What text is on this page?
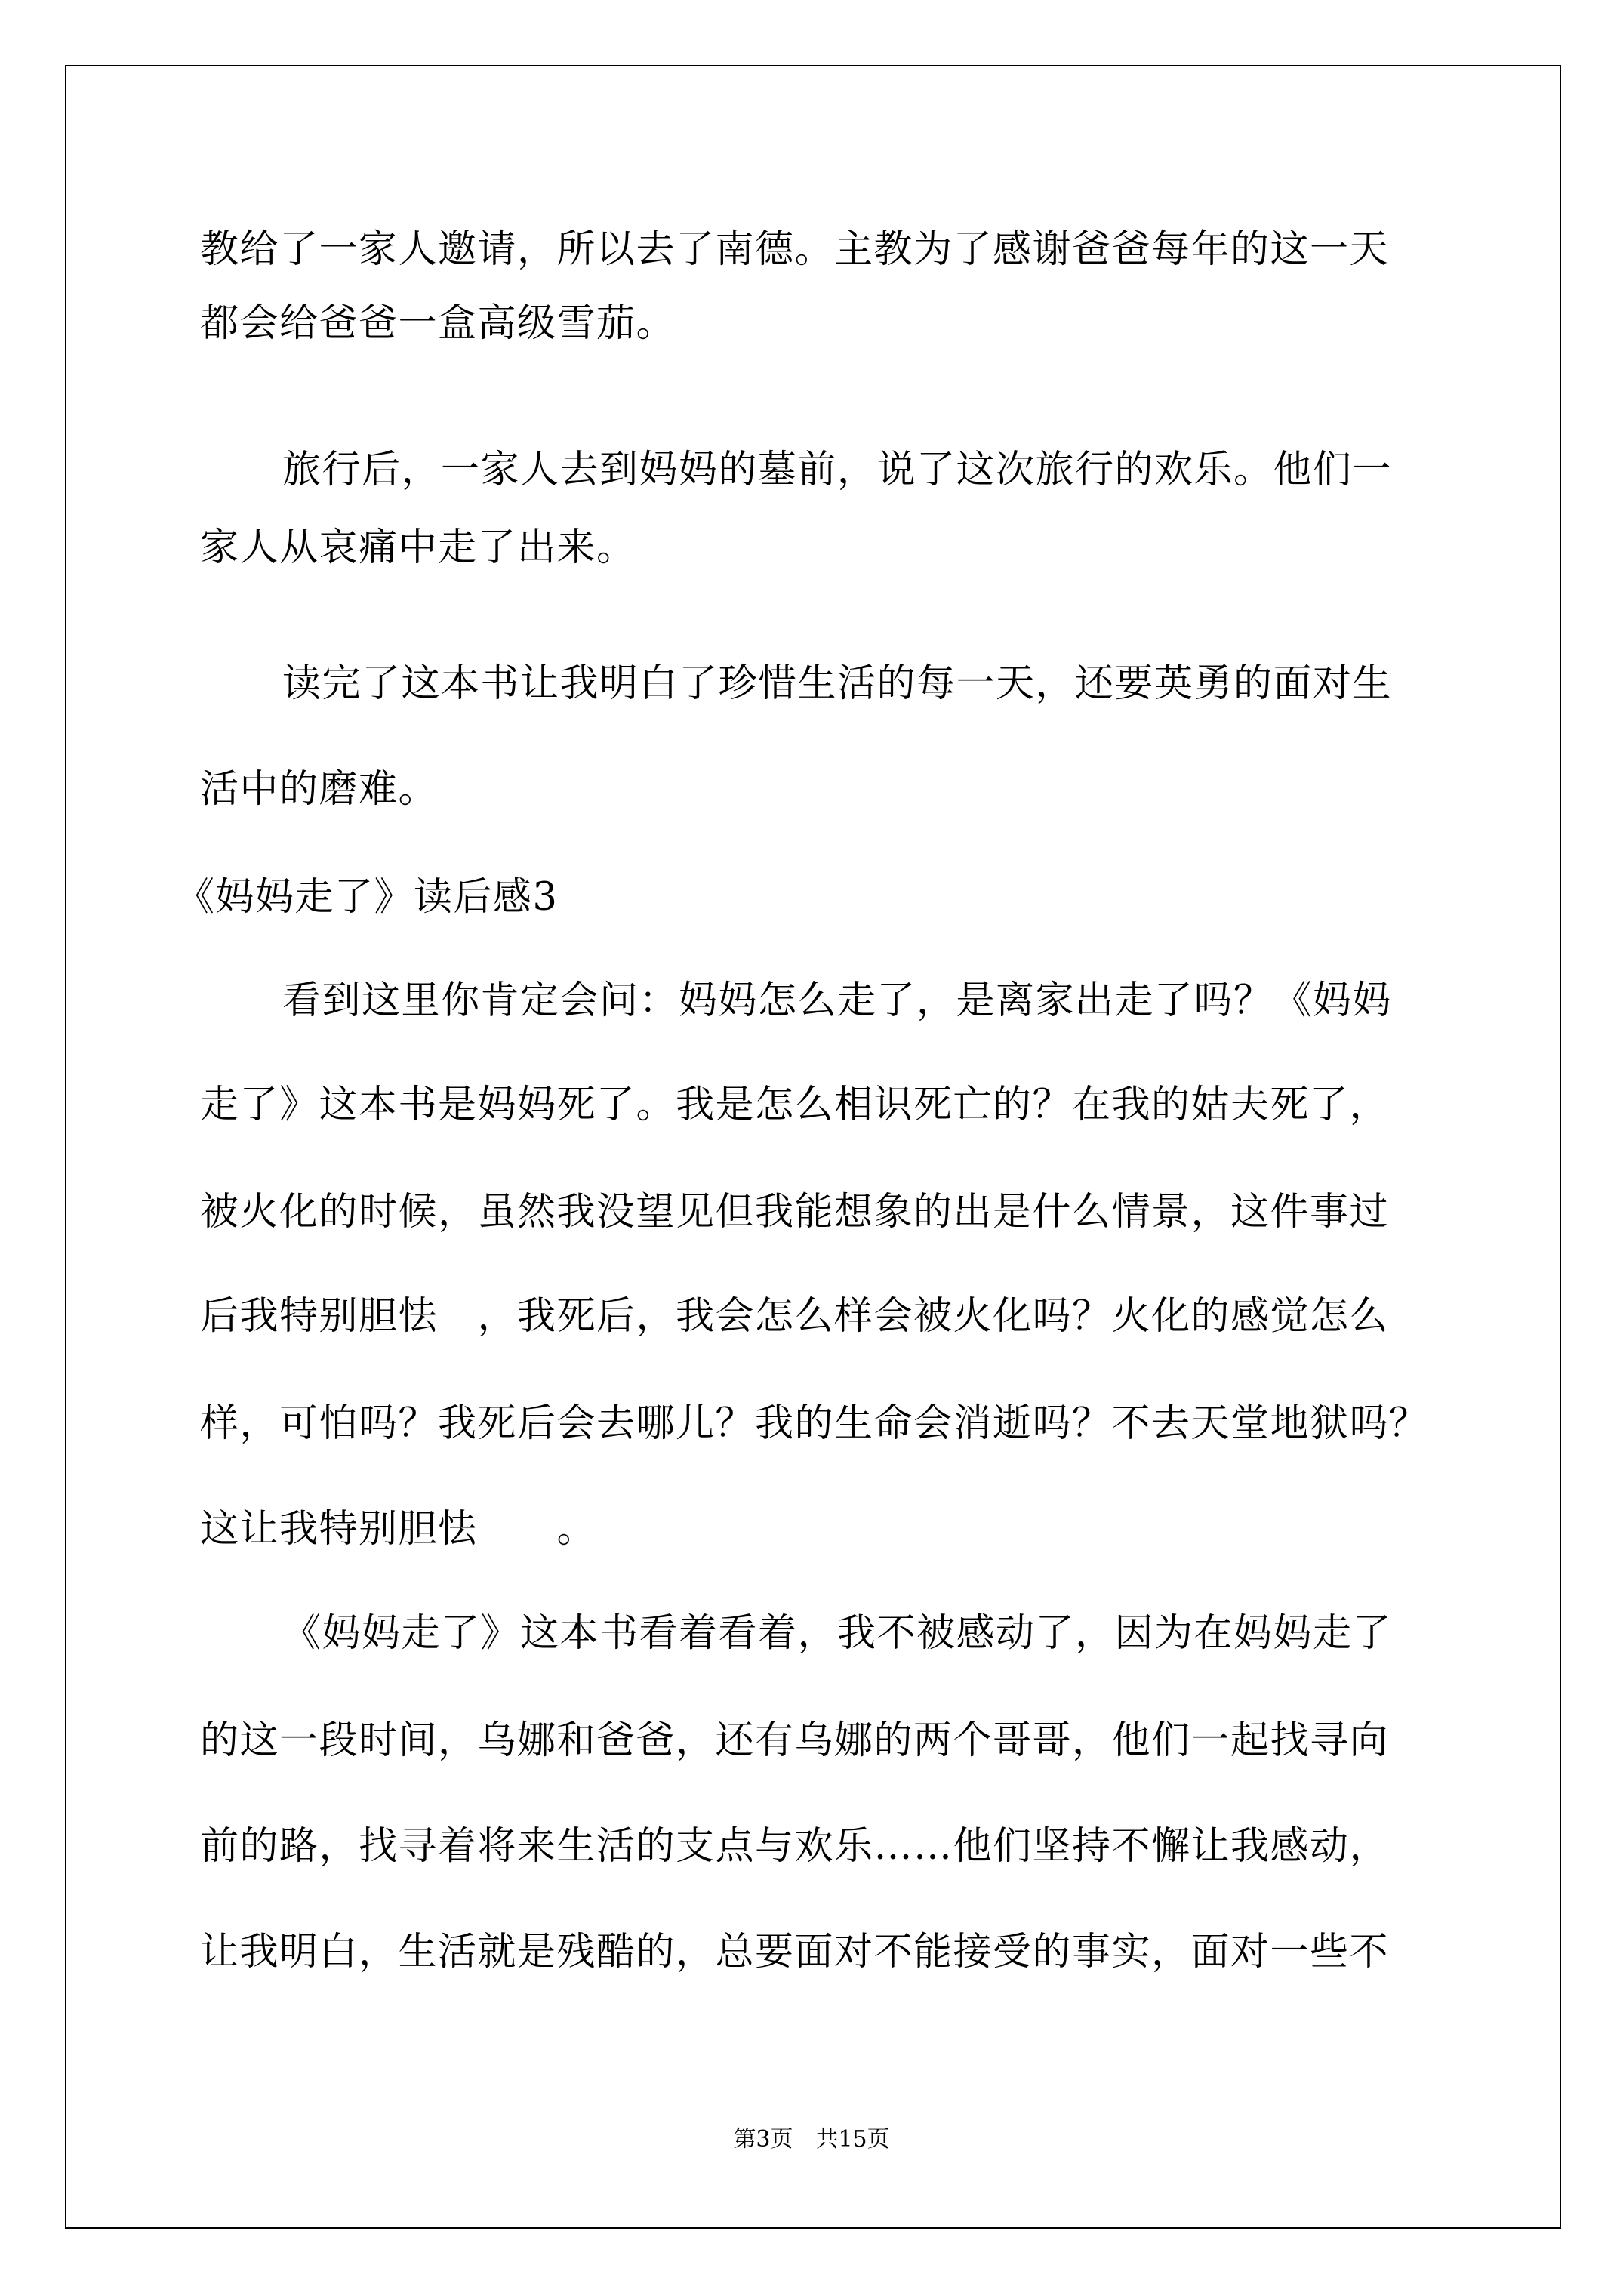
教给了一家人邀请，所以去了南德。主教为了感谢爸爸每年的这一天
都会给爸爸一盒高级雪茄。
旅行后，一家人去到妈妈的墓前，说了这次旅行的欢乐。他们一
家人从哀痛中走了出来。
读完了这本书让我明白了珍惜生活的每一天，还要英勇的面对生
活中的磨难。
《妈妈走了》读后感3
看到这里你肯定会问：妈妈怎么走了，是离家出走了吗？《妈妈
走了》这本书是妈妈死了。我是怎么相识死亡的？在我的姑夫死了，
被火化的时候，虽然我没望见但我能想象的出是什么情景，这件事过
后我特别胆怯　，我死后，我会怎么样会被火化吗？火化的感觉怎么
样，可怕吗？我死后会去哪儿？我的生命会消逝吗？不去天堂地狱吗？
这让我特别胆怯　　。
《妈妈走了》这本书看着看着，我不被感动了，因为在妈妈走了
的这一段时间，乌娜和爸爸，还有乌娜的两个哥哥，他们一起找寻向
前的路，找寻着将来生活的支点与欢乐……他们坚持不懈让我感动，
让我明白，生活就是残酷的，总要面对不能接受的事实，面对一些不
第3页　共15页
